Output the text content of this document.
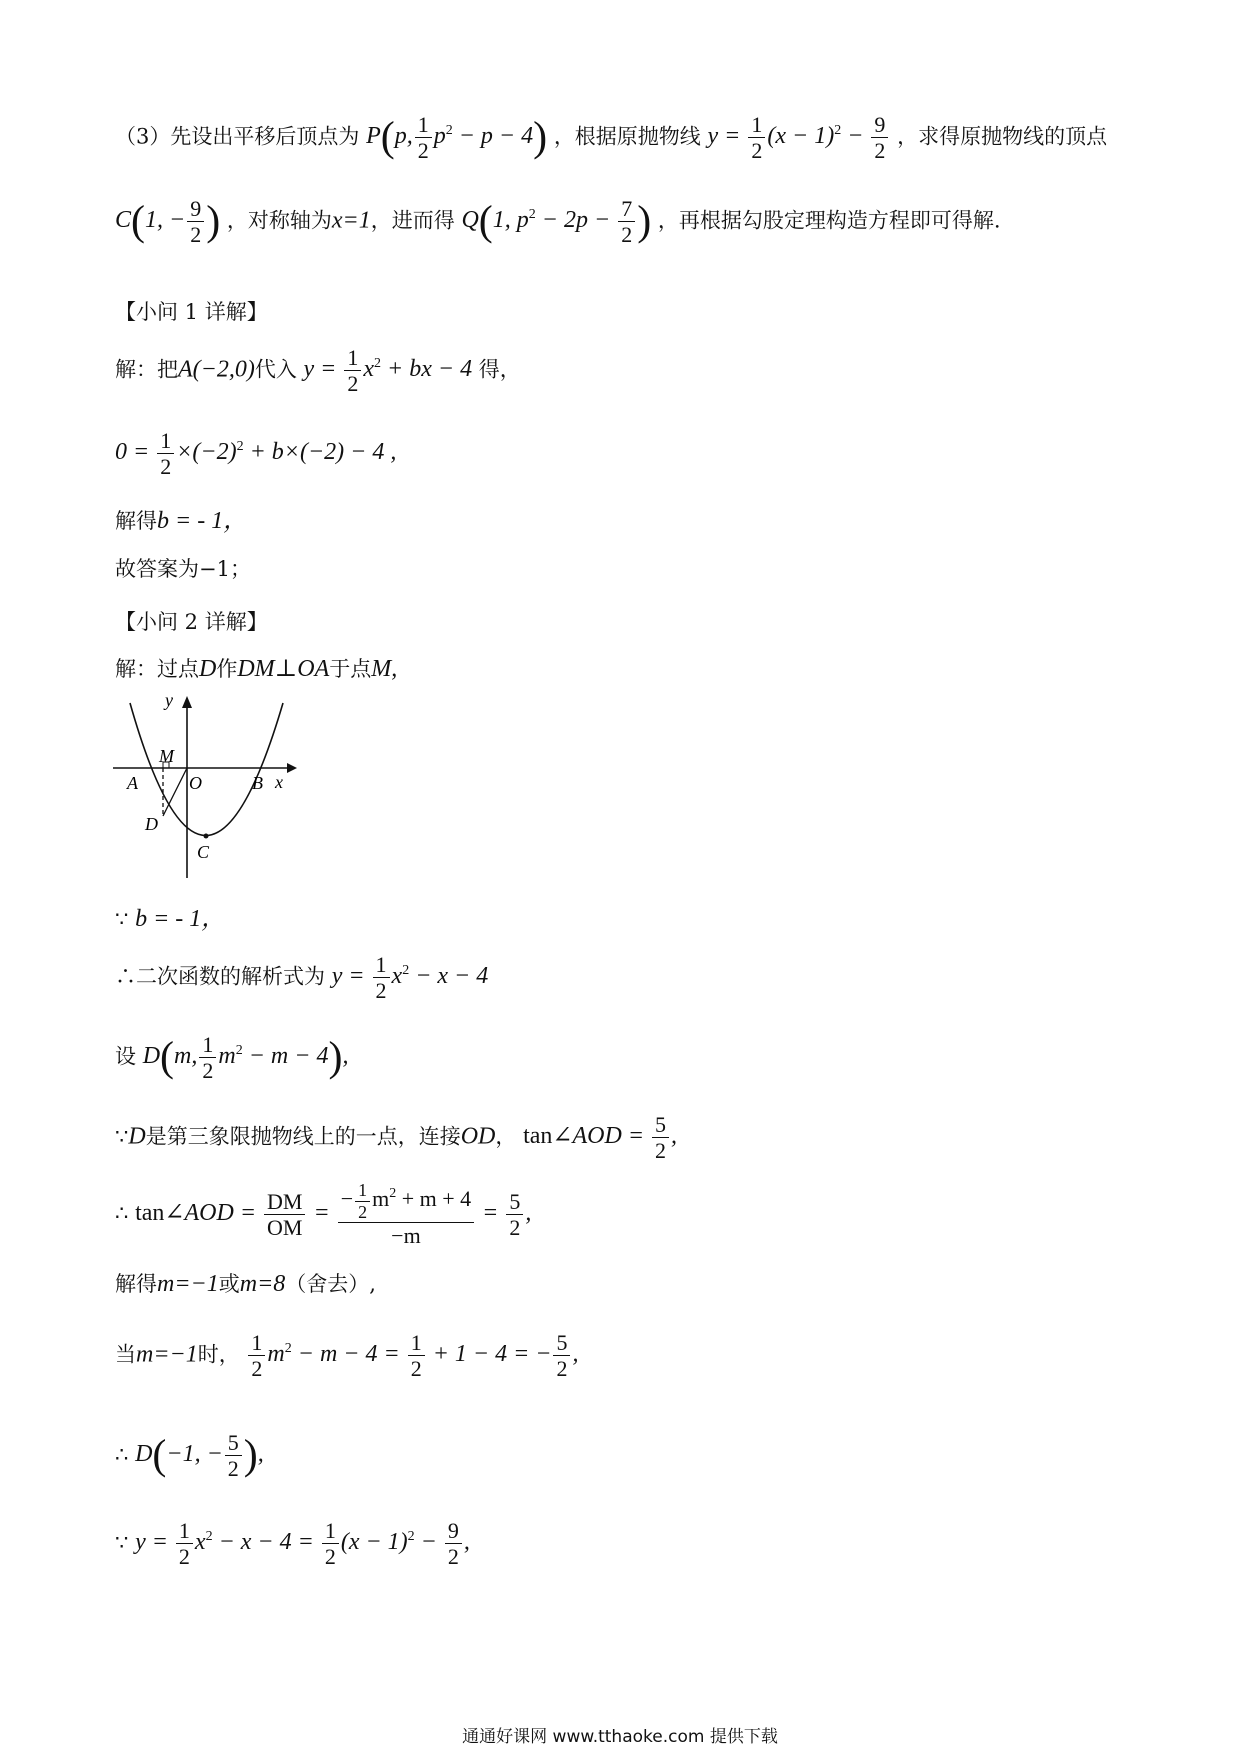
（3）先设出平移后顶点为 P(p, $\frac{1}{2} p^2 - p - 4$) ，根据原抛物线 $y = \frac{1}{2} (x - 1)^2 - \frac{9}{2}$ ，求得原抛物线的顶点
C(1, − $\frac{9}{2}$ ) ，对称轴为x=1，进而得 Q(1, $p^2 - 2p - \frac{7}{2}$ ) ，再根据勾股定理构造方程即可得解.
【小问 1 详解】
解：把A(−2,0)代入 $y = \frac{1}{2} x^2$ + bx − 4 得，
$0 = \frac{1}{2} \times(-2)^2 + b\times(-2) - 4$ ,
解得b = - 1，
故答案为−1；
【小问 2 详解】
解：过点D作DM⊥OA于点M,
y
x
M
A	O	B
D
C
∵ b = - 1，
∴二次函数的解析式为 $y = \frac{1}{2} x^2 - x - 4$
设 D(m, $\frac{1}{2} m^2 - m - 4$),
∵D是第三象限抛物线上的一点，连接OD， tan∠AOD = $\frac{5}{2}$ ,
∴ tan∠AOD = $\frac{DM}{OM} = \frac{- \frac{1}{2} m^2 + m + 4}{-m} = \frac{5}{2}$ ,
解得m=−1或m=8（舍去）,
当m=−1时， $\frac{1}{2} m^2 - m - 4 = \frac{1}{2} + 1 - 4$ = − $\frac{5}{2}$ ,
∴ D(−1, − $\frac{5}{2}$ ),
∵ $y = \frac{1}{2} x^2 - x - 4 = \frac{1}{2} (x - 1)^2 - \frac{9}{2}$ ,
通通好课网 www.tthaoke.com 提供下载
